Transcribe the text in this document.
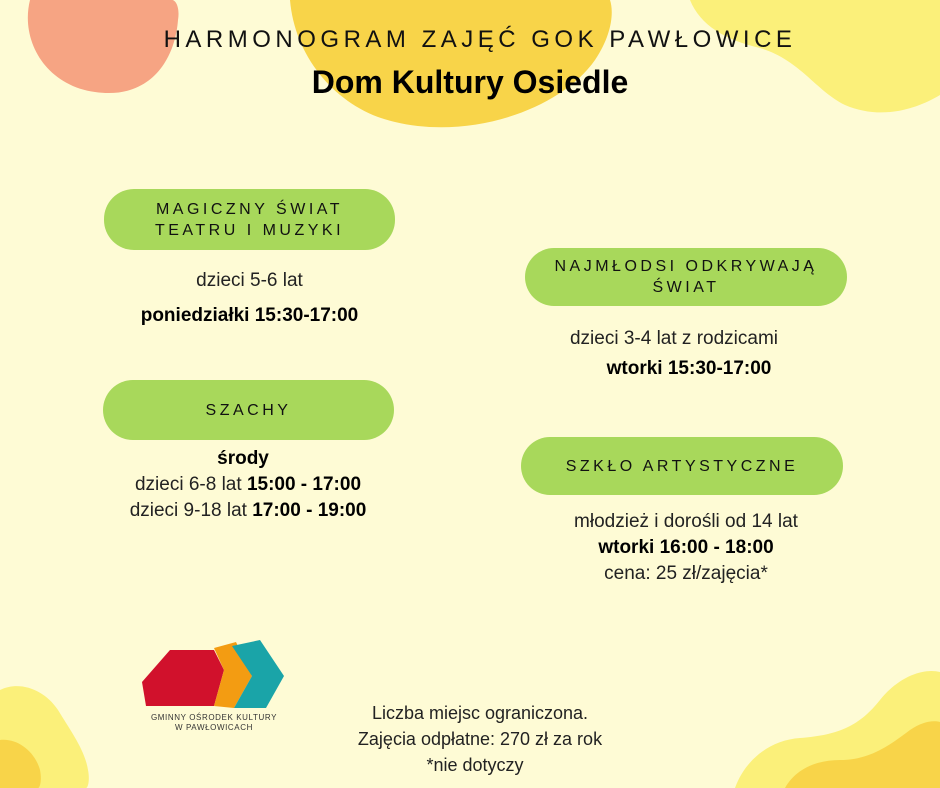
HARMONOGRAM ZAJĘĆ GOK PAWŁOWICE
Dom Kultury Osiedle
MAGICZNY ŚWIAT
TEATRU I MUZYKI
dzieci 5-6 lat
poniedziałki 15:30-17:00
NAJMŁODSI ODKRYWAJĄ
ŚWIAT
dzieci 3-4 lat z rodzicami
wtorki 15:30-17:00
SZACHY
środy
dzieci 6-8 lat 15:00 - 17:00
dzieci 9-18 lat 17:00 - 19:00
SZKŁO ARTYSTYCZNE
młodzież i dorośli od 14 lat
wtorki 16:00 - 18:00
cena: 25 zł/zajęcia*
GMINNY OŚRODEK KULTURY
W PAWŁOWICACH
Liczba miejsc ograniczona.
Zajęcia odpłatne: 270 zł za rok
*nie dotyczy
